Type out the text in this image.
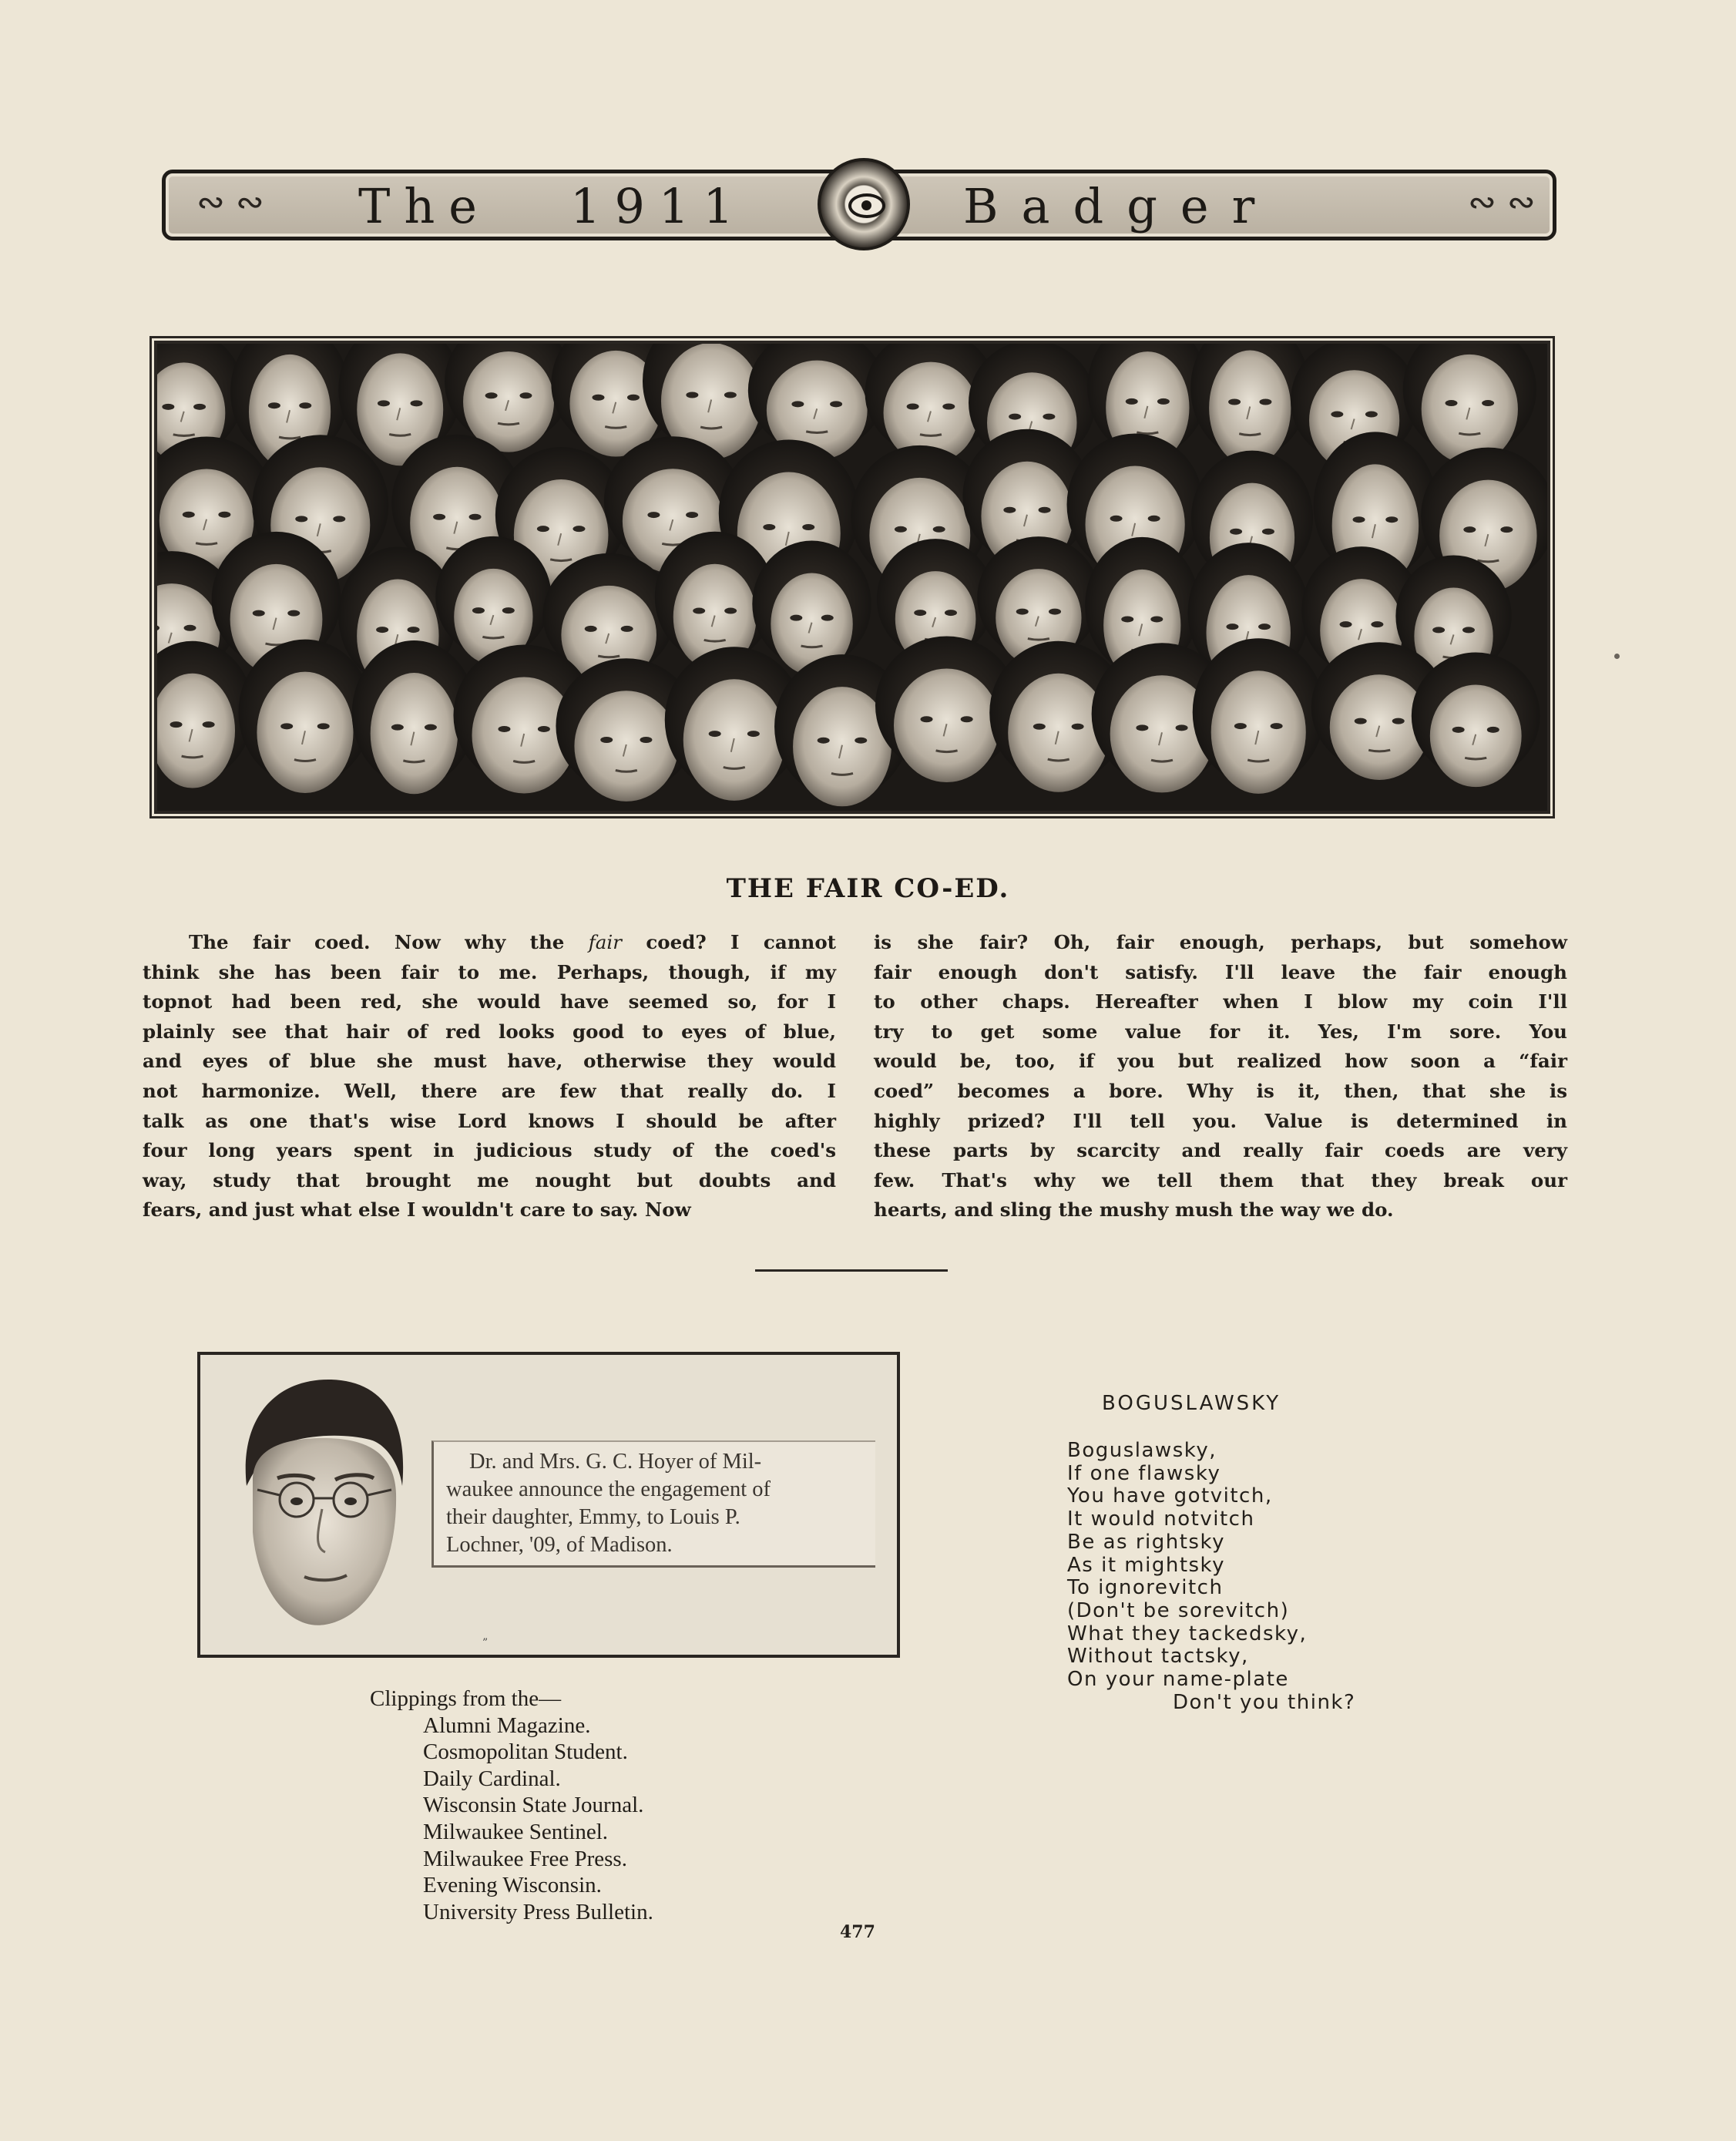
∾ ∾ The 1911	Badger	∾ ∾
THE FAIR CO-ED.
The fair coed. Now why the fair coed? I cannot
think she has been fair to me. Perhaps, though, if my
topnot had been red, she would have seemed so, for I
plainly see that hair of red looks good to eyes of blue,
and eyes of blue she must have, otherwise they would
not harmonize. Well, there are few that really do. I
talk as one that's wise Lord knows I should be after
four long years spent in judicious study of the coed's
way, study that brought me nought but doubts and
fears, and just what else I wouldn't care to say. Now
is she fair? Oh, fair enough, perhaps, but somehow
fair enough don't satisfy. I'll leave the fair enough
to other chaps. Hereafter when I blow my coin I'll
try to get some value for it. Yes, I'm sore. You
would be, too, if you but realized how soon a “fair
coed” becomes a bore. Why is it, then, that she is
highly prized? I'll tell you. Value is determined in
these parts by scarcity and really fair coeds are very
few. That's why we tell them that they break our
hearts, and sling the mushy mush the way we do.
Dr. and Mrs. G. C. Hoyer of Mil-
waukee announce the engagement of
their daughter, Emmy, to Louis P.
Lochner, '09, of Madison.
”
Clippings from the—
Alumni Magazine.
Cosmopolitan Student.
Daily Cardinal.
Wisconsin State Journal.
Milwaukee Sentinel.
Milwaukee Free Press.
Evening Wisconsin.
University Press Bulletin.
BOGUSLAWSKY
Boguslawsky,
If one flawsky
You have gotvitch,
It would notvitch
Be as rightsky
As it mightsky
To ignorevitch
(Don't be sorevitch)
What they tackedsky,
Without tactsky,
On your name-plate
Don't you think?
477
